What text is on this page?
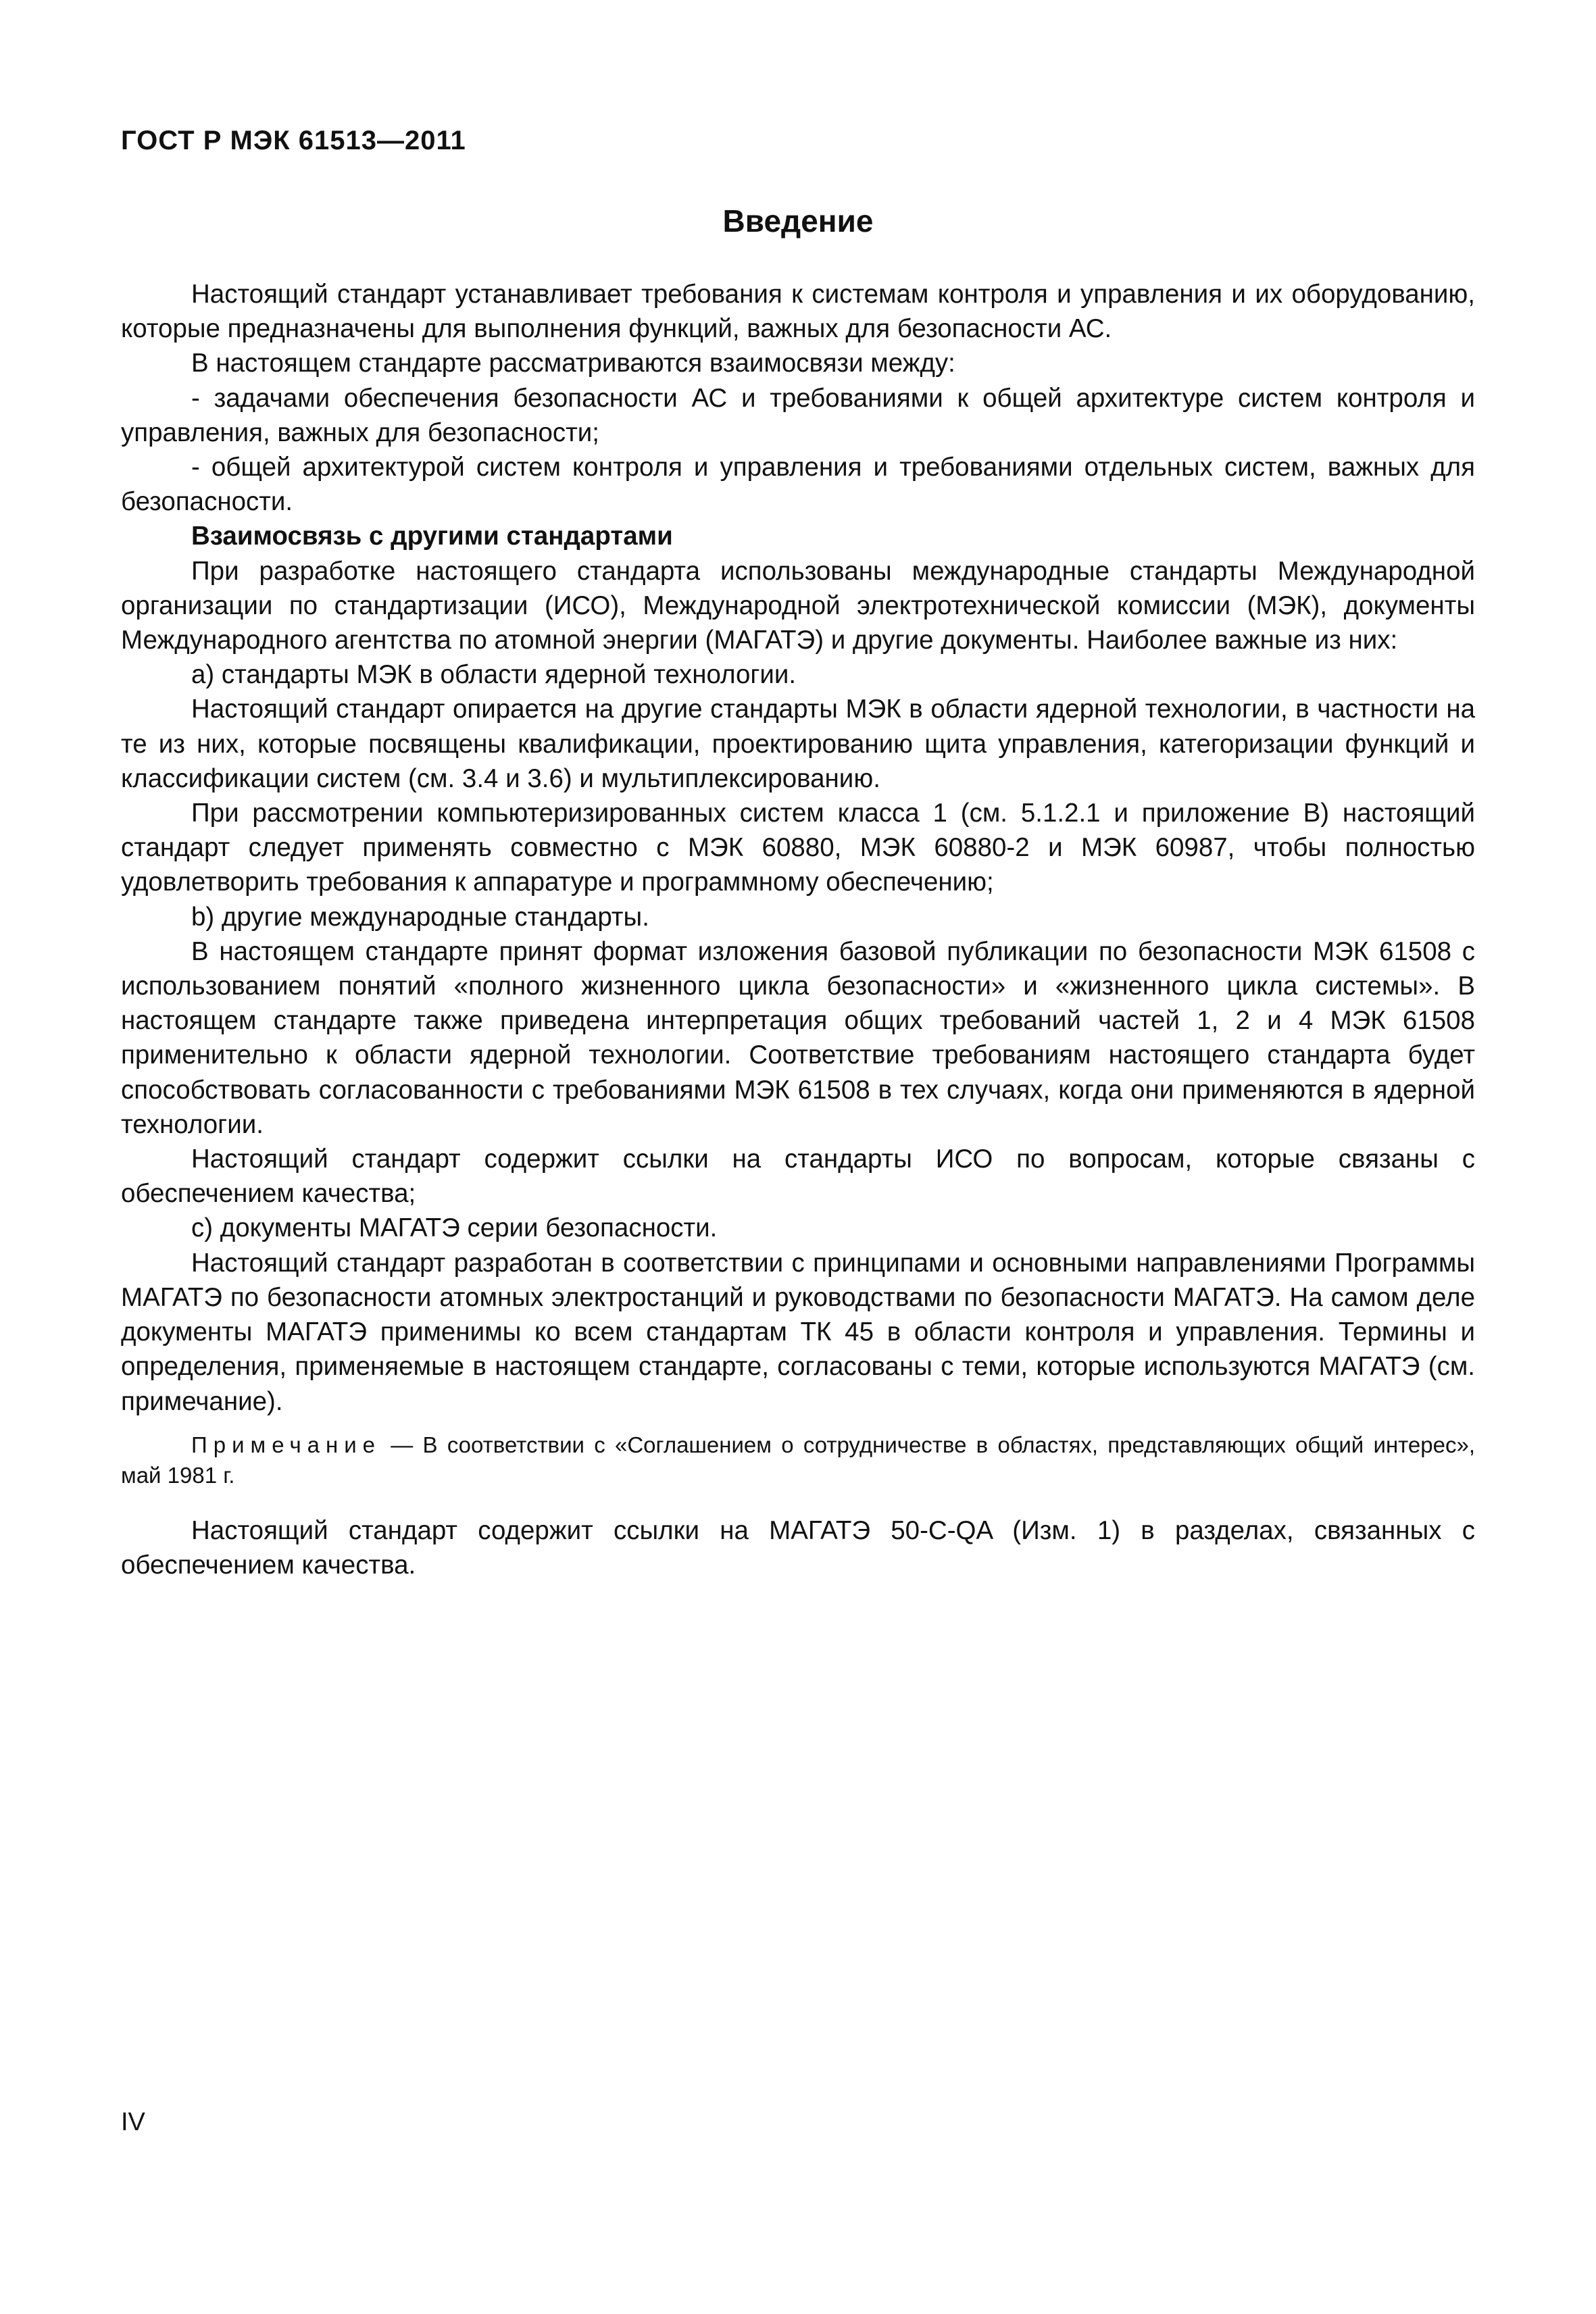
ГОСТ Р МЭК 61513—2011
Введение

Настоящий стандарт устанавливает требования к системам контроля и управления и их оборудованию, которые предназначены для выполнения функций, важных для безопасности АС.

В настоящем стандарте рассматриваются взаимосвязи между:

- задачами обеспечения безопасности АС и требованиями к общей архитектуре систем контроля и управления, важных для безопасности;

- общей архитектурой систем контроля и управления и требованиями отдельных систем, важных для безопасности.

Взаимосвязь с другими стандартами

При разработке настоящего стандарта использованы международные стандарты Международной организации по стандартизации (ИСО), Международной электротехнической комиссии (МЭК), документы Международного агентства по атомной энергии (МАГАТЭ) и другие документы. Наиболее важные из них:

a) стандарты МЭК в области ядерной технологии.

Настоящий стандарт опирается на другие стандарты МЭК в области ядерной технологии, в частности на те из них, которые посвящены квалификации, проектированию щита управления, категоризации функций и классификации систем (см. 3.4 и 3.6) и мультиплексированию.

При рассмотрении компьютеризированных систем класса 1 (см. 5.1.2.1 и приложение B) настоящий стандарт следует применять совместно с МЭК 60880, МЭК 60880-2 и МЭК 60987, чтобы полностью удовлетворить требования к аппаратуре и программному обеспечению;

b) другие международные стандарты.

В настоящем стандарте принят формат изложения базовой публикации по безопасности МЭК 61508 с использованием понятий «полного жизненного цикла безопасности» и «жизненного цикла системы». В настоящем стандарте также приведена интерпретация общих требований частей 1, 2 и 4 МЭК 61508 применительно к области ядерной технологии. Соответствие требованиям настоящего стандарта будет способствовать согласованности с требованиями МЭК 61508 в тех случаях, когда они применяются в ядерной технологии.

Настоящий стандарт содержит ссылки на стандарты ИСО по вопросам, которые связаны с обеспечением качества;

c) документы МАГАТЭ серии безопасности.

Настоящий стандарт разработан в соответствии с принципами и основными направлениями Программы МАГАТЭ по безопасности атомных электростанций и руководствами по безопасности МАГАТЭ. На самом деле документы МАГАТЭ применимы ко всем стандартам ТК 45 в области контроля и управления. Термины и определения, применяемые в настоящем стандарте, согласованы с теми, которые используются МАГАТЭ (см. примечание).

Примечание — В соответствии с «Соглашением о сотрудничестве в областях, представляющих общий интерес», май 1981 г.

Настоящий стандарт содержит ссылки на МАГАТЭ 50-C-QA (Изм. 1) в разделах, связанных с обеспечением качества.

IV
